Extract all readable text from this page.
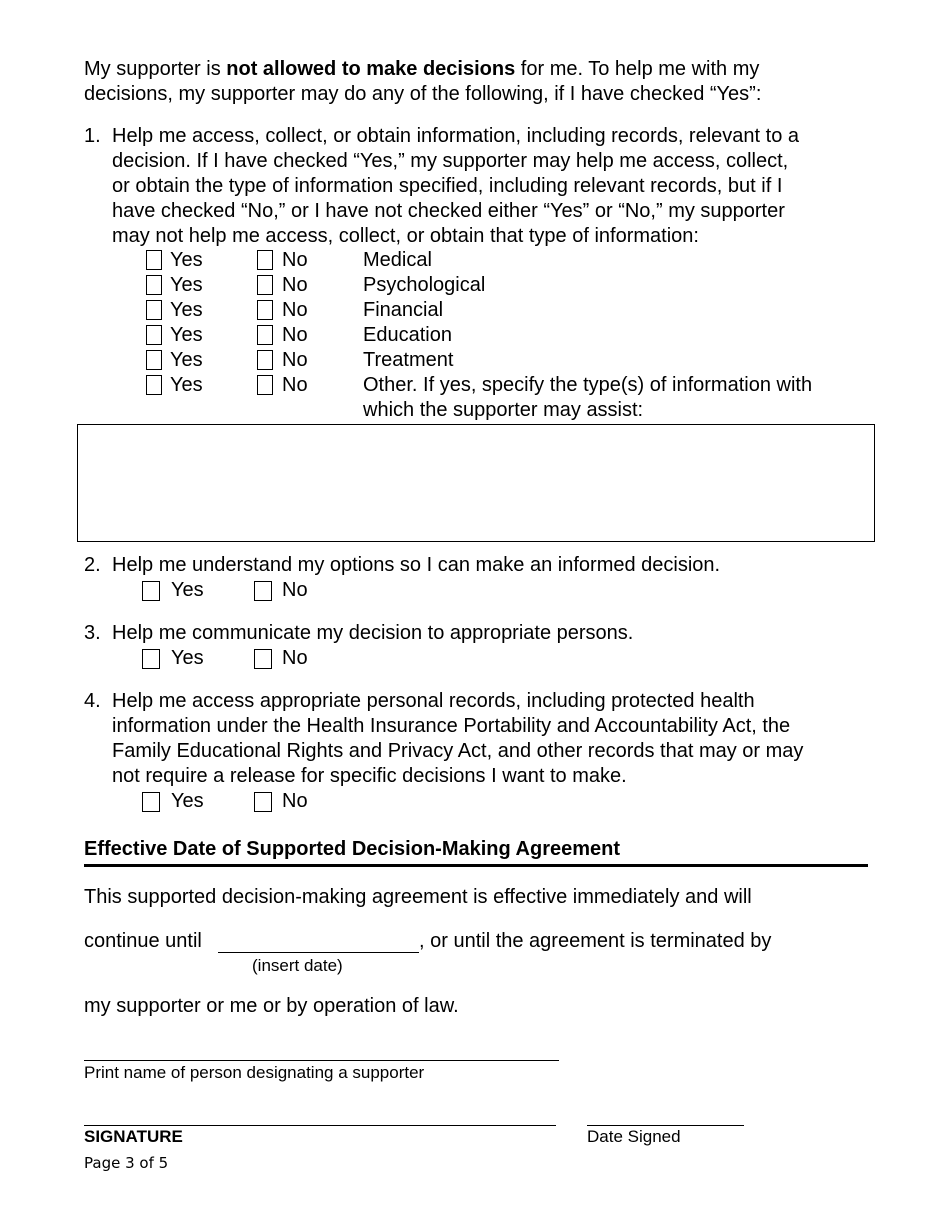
My supporter is not allowed to make decisions for me. To help me with my
decisions, my supporter may do any of the following, if I have checked “Yes”:
1. Help me access, collect, or obtain information, including records, relevant to a
decision. If I have checked “Yes,” my supporter may help me access, collect,
or obtain the type of information specified, including relevant records, but if I
have checked “No,” or I have not checked either “Yes” or “No,” my supporter
may not help me access, collect, or obtain that type of information:
Yes	No	Medical
Yes	No	Psychological
Yes	No	Financial
Yes	No	Education
Yes	No	Treatment
Yes	No	Other. If yes, specify the type(s) of information with
which the supporter may assist:
2. Help me understand my options so I can make an informed decision.
Yes	No
3. Help me communicate my decision to appropriate persons.
Yes	No
4. Help me access appropriate personal records, including protected health
information under the Health Insurance Portability and Accountability Act, the
Family Educational Rights and Privacy Act, and other records that may or may
not require a release for specific decisions I want to make.
Yes	No
Effective Date of Supported Decision-Making Agreement
This supported decision-making agreement is effective immediately and will
continue until	, or until the agreement is terminated by
(insert date)
my supporter or me or by operation of law.
Print name of person designating a supporter
SIGNATURE	Date Signed
Page 3 of 5
